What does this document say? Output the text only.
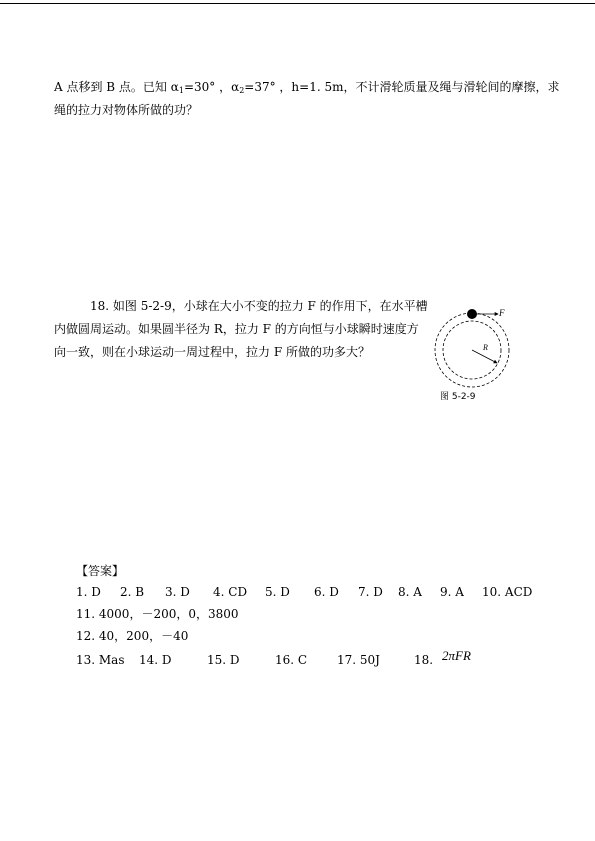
A 点移到 B 点。已知 $\alpha_1=30^\circ$ ，$\alpha_2=37^\circ$ ，h=1. 5m，不计滑轮质量及绳与滑轮间的摩擦，求
绳的拉力对物体所做的功？
18. 如图 5-2-9，小球在大小不变的拉力 F 的作用下，在水平槽
内做圆周运动。如果圆半径为 R，拉力 F 的方向恒与小球瞬时速度方
向一致，则在小球运动一周过程中，拉力 F 所做的功多大？
F
R
图 5-2-9
【答案】
1. D 2. B 3. D 4. CD 5. D 6. D 7. D 8. A 9. A 10. ACD
11. 4000，－200，0，3800
12. 40，200，－40
13. Mas 14. D	15. D	16. C 17. 50J	18. 2πFR
